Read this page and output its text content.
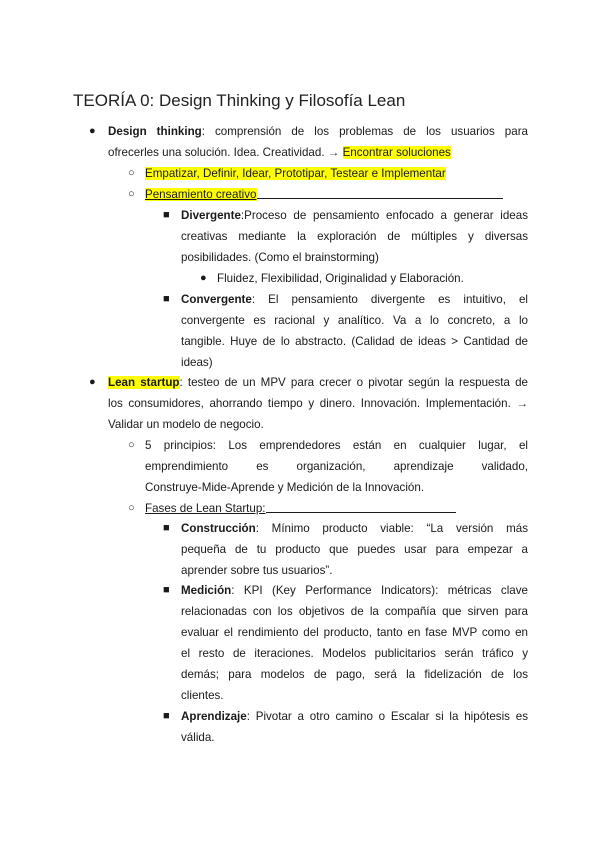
TEORÍA 0: Design Thinking y Filosofía Lean
● Design thinking: comprensión de los problemas de los usuarios para
ofrecerles una solución. Idea. Creatividad. → Encontrar soluciones
○ Empatizar, Definir, Idear, Prototipar, Testear e Implementar
○ Pensamiento creativo
■ Divergente:Proceso de pensamiento enfocado a generar ideas
creativas mediante la exploración de múltiples y diversas
posibilidades. (Como el brainstorming)
● Fluidez, Flexibilidad, Originalidad y Elaboración.
■ Convergente: El pensamiento divergente es intuitivo, el
convergente es racional y analítico. Va a lo concreto, a lo
tangible. Huye de lo abstracto. (Calidad de ideas > Cantidad de
ideas)
● Lean startup: testeo de un MPV para crecer o pivotar según la respuesta de
los consumidores, ahorrando tiempo y dinero. Innovación. Implementación. →
Validar un modelo de negocio.
○ 5 principios: Los emprendedores están en cualquier lugar, el
emprendimiento es organización, aprendizaje validado,
Construye-Mide-Aprende y Medición de la Innovación.
○ Fases de Lean Startup:
■ Construcción: Mínimo producto viable: “La versión más
pequeña de tu producto que puedes usar para empezar a
aprender sobre tus usuarios”.
■ Medición: KPI (Key Performance Indicators): métricas clave
relacionadas con los objetivos de la compañía que sirven para
evaluar el rendimiento del producto, tanto en fase MVP como en
el resto de iteraciones. Modelos publicitarios serán tráfico y
demás; para modelos de pago, será la fidelización de los
clientes.
■ Aprendizaje: Pivotar a otro camino o Escalar si la hipótesis es
válida.
